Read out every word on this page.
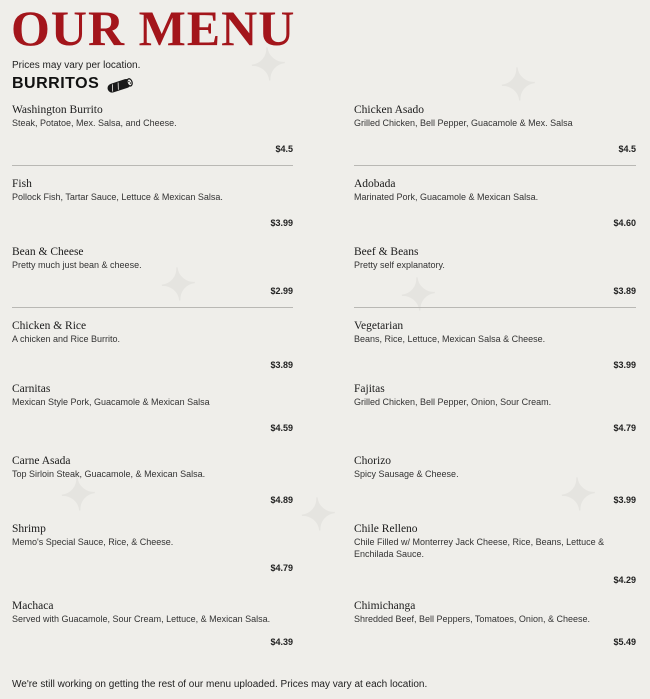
OUR MENU
Prices may vary per location.
BURRITOS
Washington Burrito
Steak, Potatoe, Mex. Salsa, and Cheese.
$4.5
Fish
Pollock Fish, Tartar Sauce, Lettuce & Mexican Salsa.
$3.99
Bean & Cheese
Pretty much just bean & cheese.
$2.99
Chicken & Rice
A chicken and Rice Burrito.
$3.89
Carnitas
Mexican Style Pork, Guacamole & Mexican Salsa
$4.59
Carne Asada
Top Sirloin Steak, Guacamole, & Mexican Salsa.
$4.89
Shrimp
Memo's Special Sauce, Rice, & Cheese.
$4.79
Machaca
Served with Guacamole, Sour Cream, Lettuce, & Mexican Salsa.
$4.39
Chicken Asado
Grilled Chicken, Bell Pepper, Guacamole & Mex. Salsa
$4.5
Adobada
Marinated Pork, Guacamole & Mexican Salsa.
$4.60
Beef & Beans
Pretty self explanatory.
$3.89
Vegetarian
Beans, Rice, Lettuce, Mexican Salsa & Cheese.
$3.99
Fajitas
Grilled Chicken, Bell Pepper, Onion, Sour Cream.
$4.79
Chorizo
Spicy Sausage & Cheese.
$3.99
Chile Relleno
Chile Filled w/ Monterrey Jack Cheese, Rice, Beans, Lettuce & Enchilada Sauce.
$4.29
Chimichanga
Shredded Beef, Bell Peppers, Tomatoes, Onion, & Cheese.
$5.49
We're still working on getting the rest of our menu uploaded. Prices may vary at each location.
